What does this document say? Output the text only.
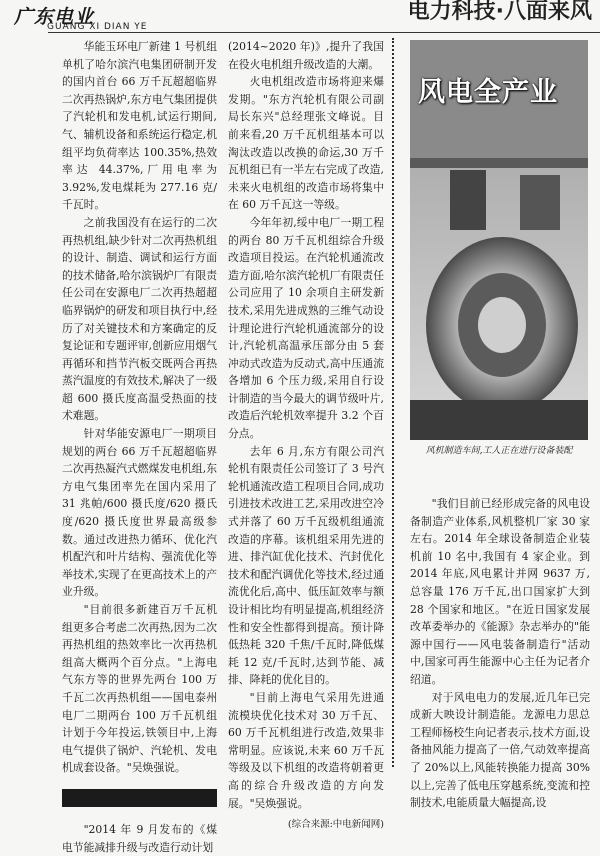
广东电业
GUANG XI DIAN YE
电力科技·八面来风

华能玉环电厂新建 1 号机组单机了哈尔滨汽电集团研制开发的国内首台 66 万千瓦超超临界二次再热锅炉,东方电气集团提供了汽轮机和发电机,试运行期间,气、辅机设备和系统运行稳定,机组平均负荷率达 100.35%,热效率达 44.37%,厂用电率为 3.92%,发电煤耗为 277.16 克/千瓦时。

之前我国没有在运行的二次再热机组,缺少针对二次再热机组的设计、制造、调试和运行方面的技术储备,哈尔滨锅炉厂有限责任公司在安源电厂二次再热超超临界锅炉的研发和项目执行中,经历了对关键技术和方案确定的反复论证和专题评审,创新应用烟气再循环和挡节汽板交既两合再热蒸汽温度的有效技术,解决了一级超 600 摄氏度高温受热面的技术难题。

针对华能安源电厂一期项目规划的两台 66 万千瓦超超临界二次再热凝汽式燃煤发电机组,东方电气集团率先在国内采用了 31 兆帕/600 摄氏度/620 摄氏度/620 摄氏度世界最高级参数。通过改进热力循环、优化汽机配汽和叶片结构、强流优化等举技术,实现了在更高技术上的产业升级。

"目前很多新建百万千瓦机组更多合考虑二次再热,因为二次再热机组的热效率比一次再热机组高大概两个百分点。"上海电气东方等的世界先两台 100 万千瓦二次再热机组——国电泰州电厂二期两台 100 万千瓦机组计划于今年投运,铁领目中,上海电气提供了锅炉、汽轮机、发电机成套设备。"吴焕强说。

"2014 年 9 月发布的《煤电节能减排升级与改造行动计划

(2014~2020 年)》,提升了我国在役火电机组升级改造的大潮。

火电机组改造市场将迎来爆发期。"东方汽轮机有限公司副局长东兴"总经理张文峰说。目前来看,20 万千瓦机组基本可以淘汰改造以改换的命运,30 万千瓦机组已有一半左右完成了改造,未来火电机组的改造市场将集中在 60 万千瓦这一等级。

今年年初,绥中电厂一期工程的两台 80 万千瓦机组综合升级改造项目投运。在汽轮机通流改造方面,哈尔滨汽轮机厂有限责任公司应用了 10 余项自主研发新技术,采用先进成熟的三维气动设计理论进行汽轮机通流部分的设计,汽轮机高温承压部分由 5 套冲动式改造为反动式,高中压通流各增加 6 个压力级,采用自行设计制造的当今最大的调节级叶片,改造后汽轮机效率提升 3.2 个百分点。

去年 6 月,东方有限公司汽轮机有限责任公司签订了 3 号汽轮机通流改造工程项目合同,成功引进技术改进工艺,采用改进空冷式并落了 60 万千瓦级机组通流改造的序幕。该机组采用先进的进、排汽缸优化技术、汽封优化技术和配汽调优化等技术,经过通流优化后,高中、低压缸效率与额设计相比均有明显提高,机组经济性和安全性都得到提高。预计降低热耗 320 千焦/千瓦时,降低煤耗 12 克/千瓦时,达到节能、减排、降耗的优化目的。

"目前上海电气采用先进通流模块优化技术对 30 万千瓦、60 万千瓦机组进行改造,效果非常明显。应该说,未来 60 万千瓦等级及以下机组的改造将朝着更高的综合升级改造的方向发展。"吴焕强说。

(综合来源:中电新闻网)
风电全产业
风机制造车间,工人正在进行设备装配

"我们目前已经形成完备的风电设备制造产业体系,风机整机厂家 30 家左右。2014 年全球设备制造企业装机前 10 名中,我国有 4 家企业。到 2014 年底,风电累计并网 9637 万,总容量 176 万千瓦,出口国家扩大到 28 个国家和地区。"在近日国家发展改革委举办的《能源》杂志举办的"能源中国行——风电装备制造行"活动中,国家可再生能源中心主任为记者介绍道。

对于风电电力的发展,近几年已完成新大映设计制造能。龙源电力思总工程师杨校生向记者表示,技术方面,设备抽风能力提高了一倍,气动效率提高了 20%以上,风能转换能力提高 30%以上,完善了低电压穿越系统,变流和控制技术,电能质量大幅提高,设
